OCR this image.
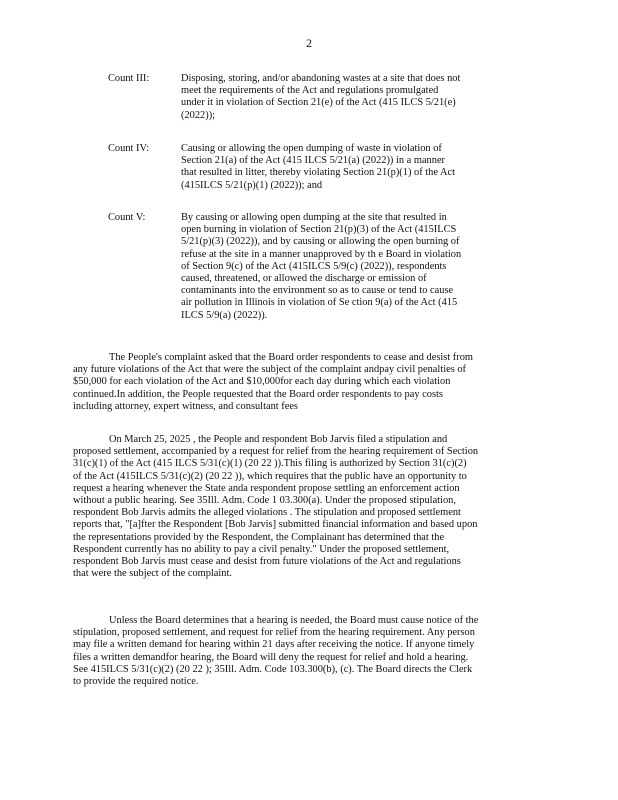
2
Count III:	Disposing, storing, and/or abandoning wastes at a site that does not
meet the requirements of the Act and regulations promulgated
under it in violation of Section 21(e) of the Act (415 ILCS 5/21(e)
(2022));
Count IV:	Causing or allowing the open dumping of waste in violation of
Section 21(a) of the Act (415 ILCS 5/21(a) (2022)) in a manner
that resulted in litter, thereby violating Section 21(p)(1) of the Act
(415ILCS 5/21(p)(1) (2022)); and
Count V:	By causing or allowing open dumping at the site that resulted in
open burning in violation of Section 21(p)(3) of the Act (415ILCS
5/21(p)(3) (2022)), and by causing or allowing the open burning of
refuse at the site in a manner unapproved by th e Board in violation
of Section 9(c) of the Act (415ILCS 5/9(c) (2022)), respondents
caused, threatened, or allowed the discharge or emission of
contaminants into the environment so as to cause or tend to cause
air pollution in Illinois in violation of Se ction 9(a) of the Act (415
ILCS 5/9(a) (2022)).
The People's complaint asked that the Board order respondents to cease and desist from
any future violations of the Act that were the subject of the complaint andpay civil penalties of
$50,000 for each violation of the Act and $10,000for each day during which each violation
continued.In addition, the People requested that the Board order respondents to pay costs
including attorney, expert witness, and consultant fees
On March 25, 2025 , the People and respondent Bob Jarvis filed a stipulation and
proposed settlement, accompanied by a request for relief from the hearing requirement of Section
31(c)(1) of the Act (415 ILCS 5/31(c)(1) (20 22 )).This filing is authorized by Section 31(c)(2)
of the Act (415ILCS 5/31(c)(2) (20 22 )), which requires that the public have an opportunity to
request a hearing whenever the State anda respondent propose settling an enforcement action
without a public hearing. See 35Ill. Adm. Code 1 03.300(a). Under the proposed stipulation,
respondent Bob Jarvis admits the alleged violations . The stipulation and proposed settlement
reports that, "[a]fter the Respondent [Bob Jarvis] submitted financial information and based upon
the representations provided by the Respondent, the Complainant has determined that the
Respondent currently has no ability to pay a civil penalty." Under the proposed settlement,
respondent Bob Jarvis must cease and desist from future violations of the Act and regulations
that were the subject of the complaint.
Unless the Board determines that a hearing is needed, the Board must cause notice of the
stipulation, proposed settlement, and request for relief from the hearing requirement. Any person
may file a written demand for hearing within 21 days after receiving the notice. If anyone timely
files a written demandfor hearing, the Board will deny the request for relief and hold a hearing.
See 415ILCS 5/31(c)(2) (20 22 ); 35Ill. Adm. Code 103.300(b), (c). The Board directs the Clerk
to provide the required notice.
